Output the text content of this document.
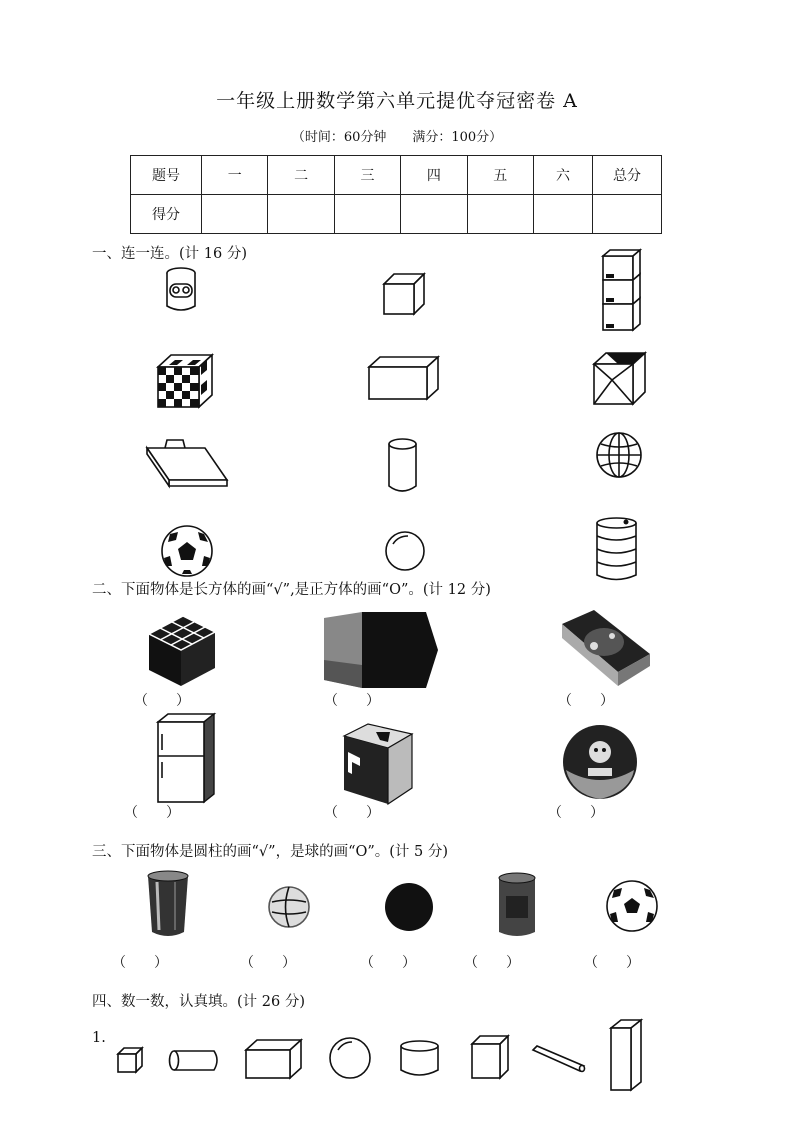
一年级上册数学第六单元提优夺冠密卷 A
（时间：60分钟　　满分：100分）
题号	一	二	三	四	五	六	总分
得分							
一、连一连。(计 16 分)
二、下面物体是长方体的画“√”,是正方体的画“O”。(计 12 分)
（　　）	（　　）	（　　）
（　　）	（　　）	（　　）
三、下面物体是圆柱的画“√”，是球的画“O”。(计 5 分)
（　　）	（　　）	（　　）	（　　）	（　　）
四、数一数，认真填。(计 26 分)
1.
